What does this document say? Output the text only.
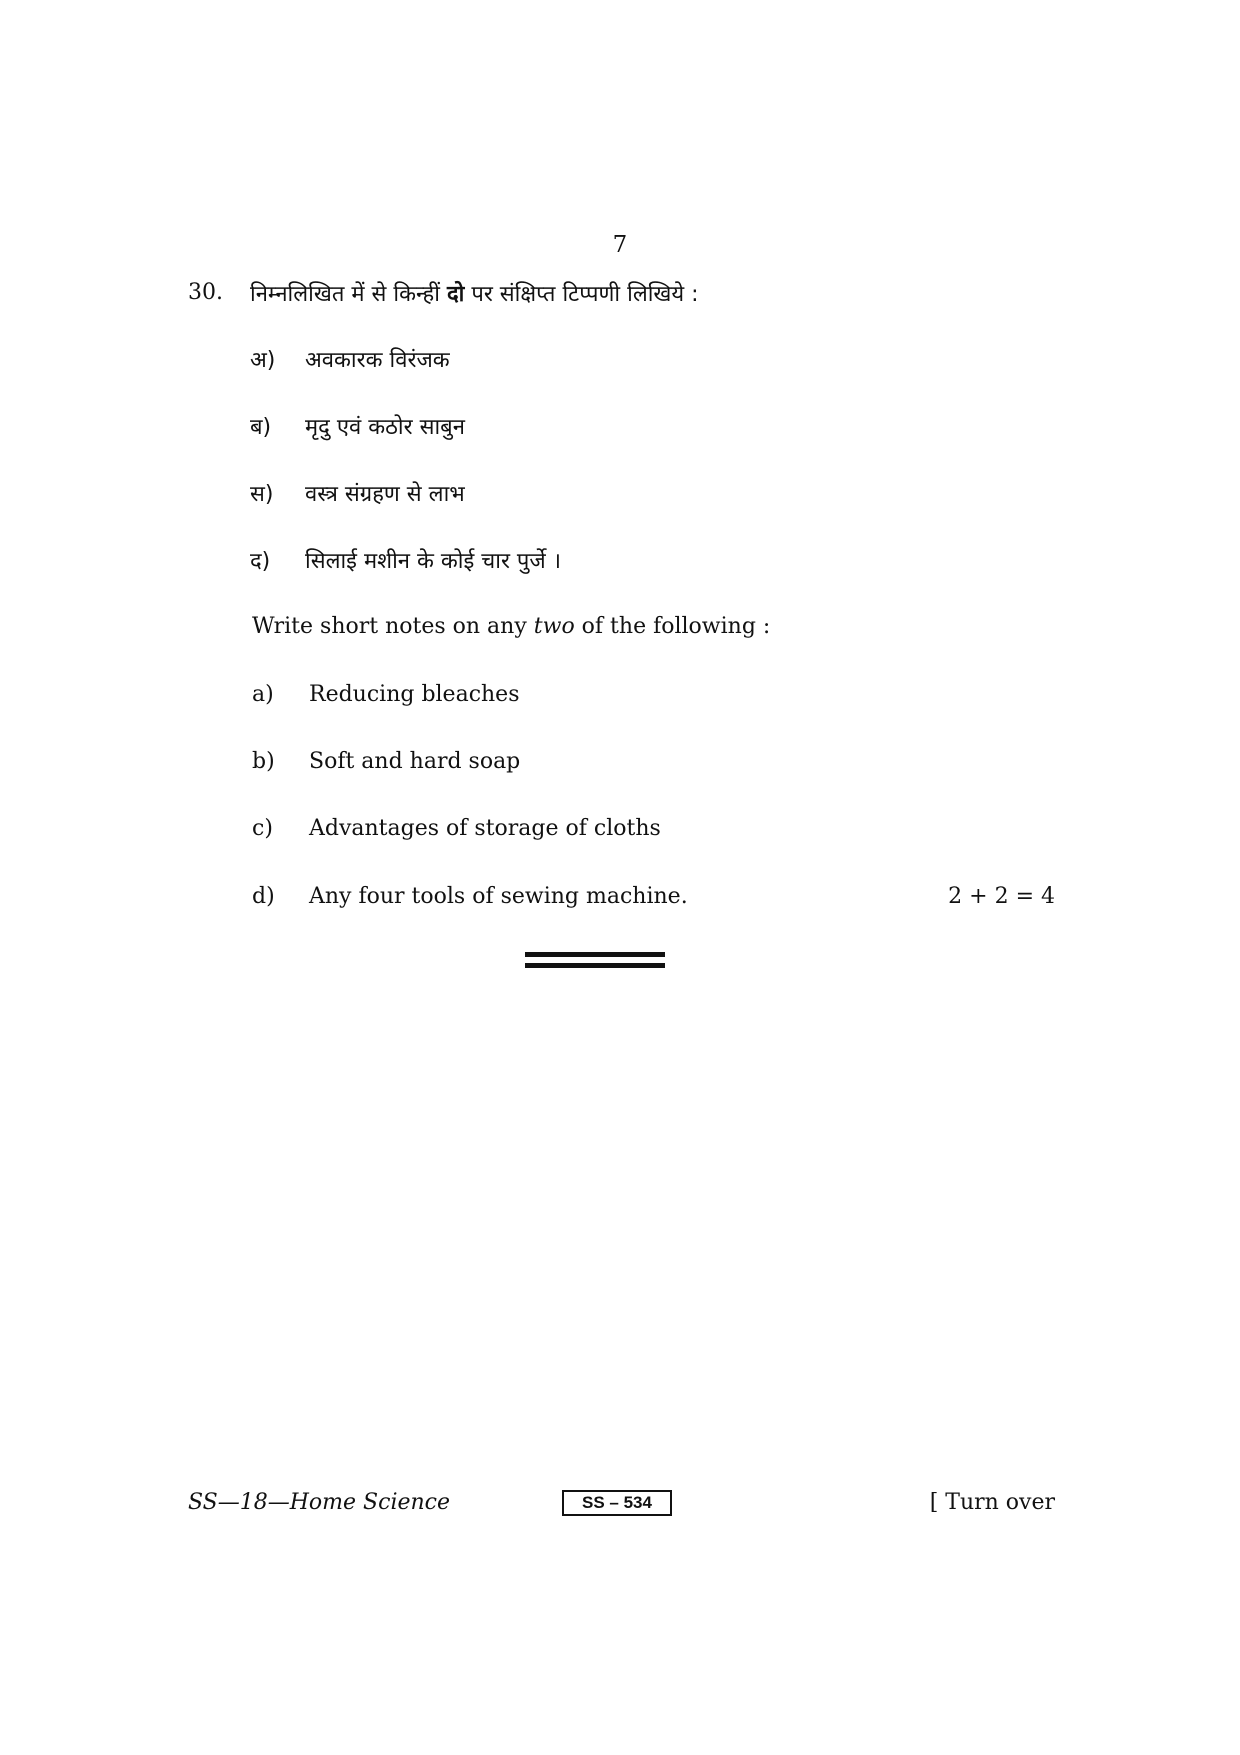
7
30. निम्नलिखित में से किन्हीं दो पर संक्षिप्त टिप्पणी लिखिये :
अ) अवकारक विरंजक
ब) मृदु एवं कठोर साबुन
स) वस्त्र संग्रहण से लाभ
द) सिलाई मशीन के कोई चार पुर्जे ।
Write short notes on any two of the following :
a) Reducing bleaches
b) Soft and hard soap
c) Advantages of storage of cloths
d) Any four tools of sewing machine.	2 + 2 = 4
SS—18—Home Science	SS – 534	[ Turn over
